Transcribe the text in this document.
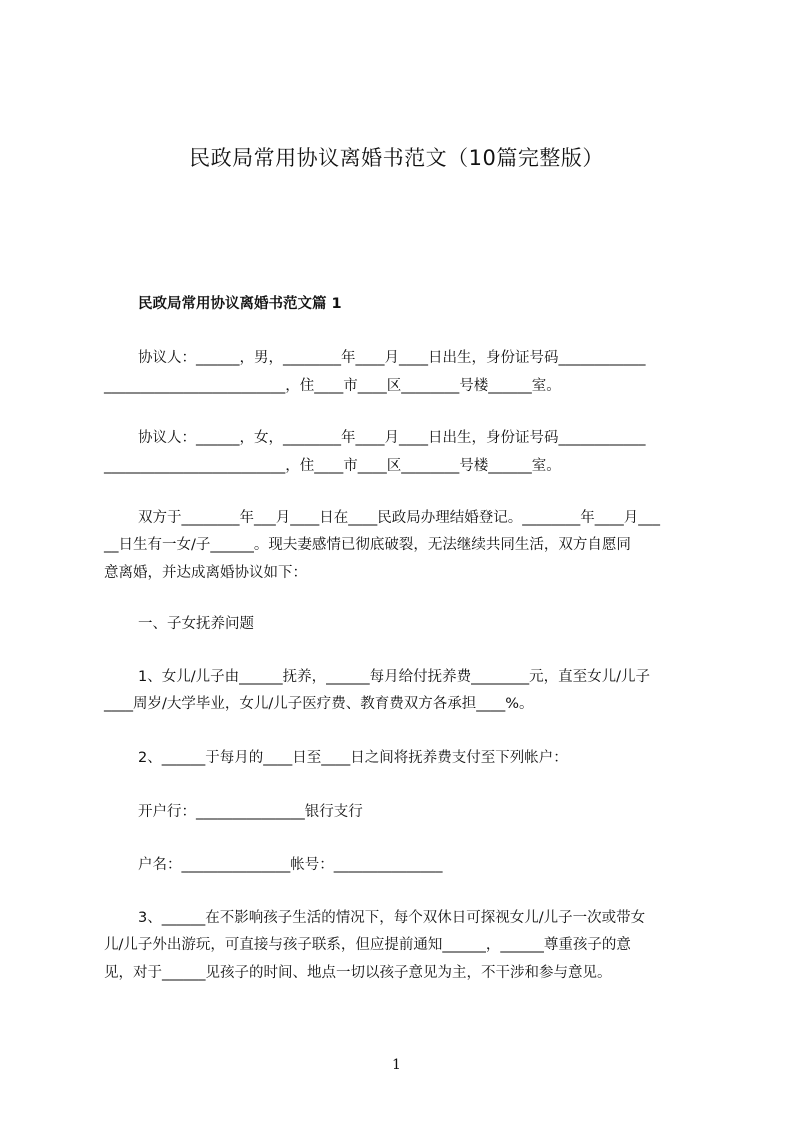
民政局常用协议离婚书范文（10篇完整版）
民政局常用协议离婚书范文篇 1
协议人：______，男，________年____月____日出生，身份证号码____________
_________________________，住____市____区________号楼______室。
协议人：______，女，________年____月____日出生，身份证号码____________
_________________________，住____市____区________号楼______室。
双方于________年___月____日在____民政局办理结婚登记。________年____月___
__日生有一女/子______。现夫妻感情已彻底破裂，无法继续共同生活，双方自愿同
意离婚，并达成离婚协议如下：
一、子女抚养问题
1、女儿/儿子由______抚养，______每月给付抚养费________元，直至女儿/儿子
____周岁/大学毕业，女儿/儿子医疗费、教育费双方各承担____%。
2、______于每月的____日至____日之间将抚养费支付至下列帐户：
开户行：_______________银行支行
户名：_______________帐号：_______________
3、______在不影响孩子生活的情况下，每个双休日可探视女儿/儿子一次或带女
儿/儿子外出游玩，可直接与孩子联系，但应提前通知______，______尊重孩子的意
见，对于______见孩子的时间、地点一切以孩子意见为主，不干涉和参与意见。
1
